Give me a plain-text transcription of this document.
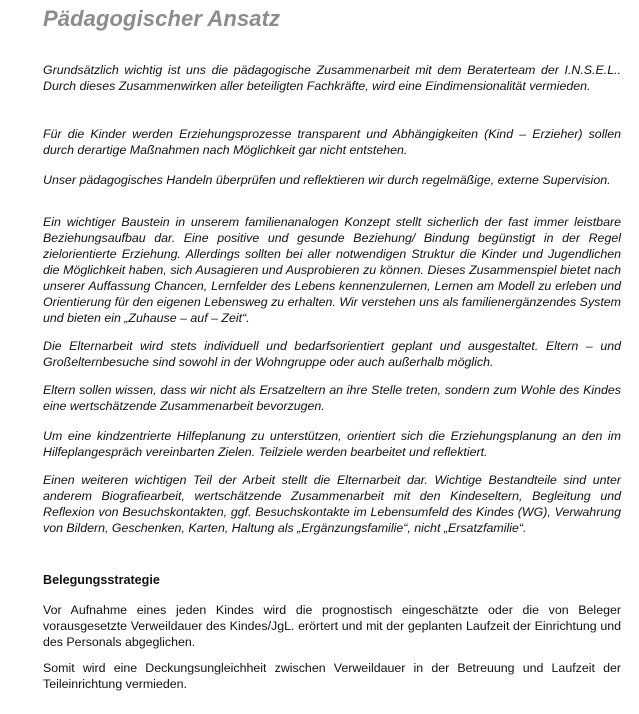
Pädagogischer Ansatz

Grundsätzlich wichtig ist uns die pädagogische Zusammenarbeit mit dem Beraterteam der I.N.S.E.L.. Durch dieses Zusammenwirken aller beteiligten Fachkräfte, wird eine Eindimensionalität vermieden.

Für die Kinder werden Erziehungsprozesse transparent und Abhängigkeiten (Kind – Erzieher) sollen durch derartige Maßnahmen nach Möglichkeit gar nicht entstehen.

Unser pädagogisches Handeln überprüfen und reflektieren wir durch regelmäßige, externe Supervision.

Ein wichtiger Baustein in unserem familienanalogen Konzept stellt sicherlich der fast immer leistbare Beziehungsaufbau dar. Eine positive und gesunde Beziehung/ Bindung begünstigt in der Regel zielorientierte Erziehung. Allerdings sollten bei aller notwendigen Struktur die Kinder und Jugendlichen die Möglichkeit haben, sich Ausagieren und Ausprobieren zu können. Dieses Zusammenspiel bietet nach unserer Auffassung Chancen, Lernfelder des Lebens kennenzulernen, Lernen am Modell zu erleben und Orientierung für den eigenen Lebensweg zu erhalten. Wir verstehen uns als familienergänzendes System und bieten ein „Zuhause – auf – Zeit“.

Die Elternarbeit wird stets individuell und bedarfsorientiert geplant und ausgestaltet. Eltern – und Großelternbesuche sind sowohl in der Wohngruppe oder auch außerhalb möglich.

Eltern sollen wissen, dass wir nicht als Ersatzeltern an ihre Stelle treten, sondern zum Wohle des Kindes eine wertschätzende Zusammenarbeit bevorzugen.

Um eine kindzentrierte Hilfeplanung zu unterstützen, orientiert sich die Erziehungsplanung an den im Hilfeplangespräch vereinbarten Zielen. Teilziele werden bearbeitet und reflektiert.

Einen weiteren wichtigen Teil der Arbeit stellt die Elternarbeit dar. Wichtige Bestandteile sind unter anderem Biografiearbeit, wertschätzende Zusammenarbeit mit den Kindeseltern, Begleitung und Reflexion von Besuchskontakten, ggf. Besuchskontakte im Lebensumfeld des Kindes (WG), Verwahrung von Bildern, Geschenken, Karten, Haltung als „Ergänzungsfamilie“, nicht „Ersatzfamilie“.

Belegungsstrategie

Vor Aufnahme eines jeden Kindes wird die prognostisch eingeschätzte oder die von Beleger vorausgesetzte Verweildauer des Kindes/JgL. erörtert und mit der geplanten Laufzeit der Einrichtung und des Personals abgeglichen.

Somit wird eine Deckungsungleichheit zwischen Verweildauer in der Betreuung und Laufzeit der Teileinrichtung vermieden.
